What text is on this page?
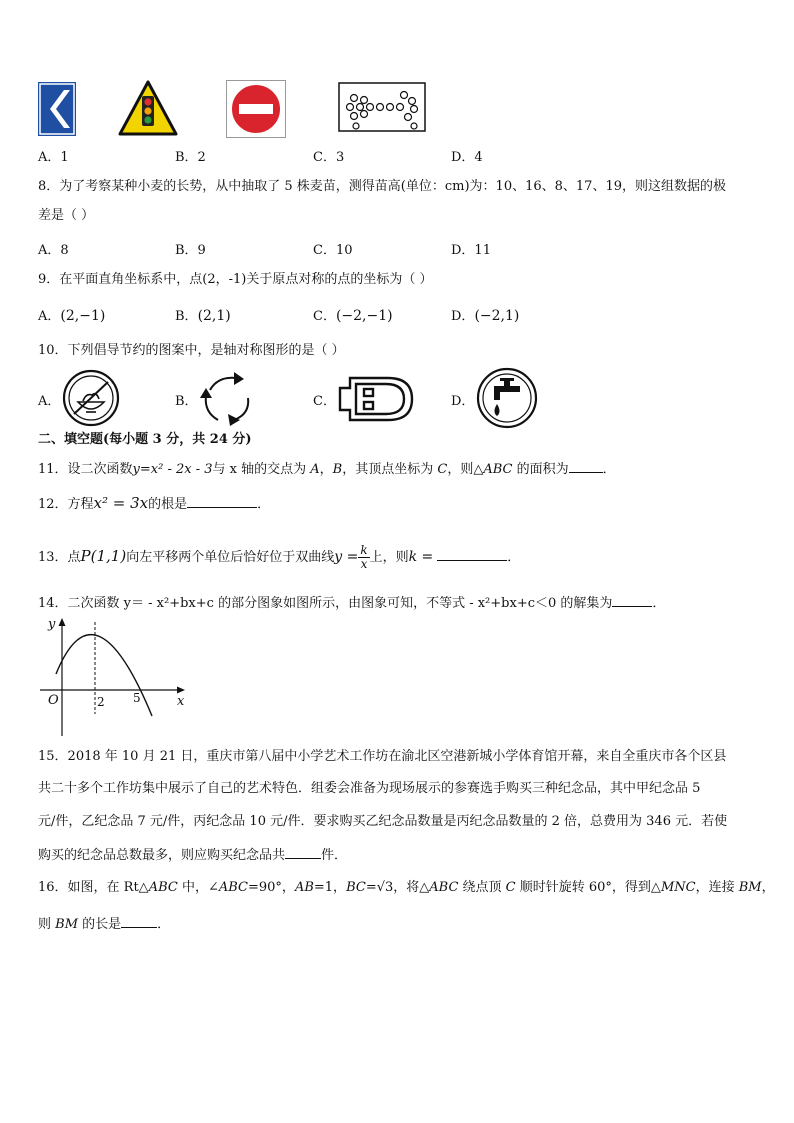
A．1	B．2	C．3	D．4
8．为了考察某种小麦的长势，从中抽取了 5 株麦苗，测得苗高(单位：cm)为：10、16、8、17、19，则这组数据的极
差是（ ）
A．8	B．9	C．10	D．11
9．在平面直角坐标系中，点(2，-1)关于原点对称的点的坐标为（ ）
A．(2,−1)	B．(2,1)	C．(−2,−1)	D．(−2,1)
10．下列倡导节约的图案中，是轴对称图形的是（ ）
A．	B．	C．	D．
二、填空题(每小题 3 分，共 24 分)
11．设二次函数y=x² - 2x - 3与 x 轴的交点为 A，B，其顶点坐标为 C，则△ABC 的面积为	．
12．方程x² = 3x的根是	．
13．点P(1,1)向左平移两个单位后恰好位于双曲线$y = \frac{k}{x}$ 上，则k =	．
14．二次函数 y＝ - x²+bx+c 的部分图象如图所示，由图象可知，不等式 - x²+bx+c＜0 的解集为	．
y
x
O	2 5
15．2018 年 10 月 21 日，重庆市第八届中小学艺术工作坊在渝北区空港新城小学体育馆开幕，来自全重庆市各个区县
共二十多个工作坊集中展示了自己的艺术特色．组委会准备为现场展示的参赛选手购买三种纪念品，其中甲纪念品 5
元/件，乙纪念品 7 元/件，丙纪念品 10 元/件．要求购买乙纪念品数量是丙纪念品数量的 2 倍，总费用为 346 元．若使
购买的纪念品总数最多，则应购买纪念品共	件．
16．如图，在 Rt△ABC 中，∠ABC=90°，AB=1，BC=√3，将△ABC 绕点顶 C 顺时针旋转 60°，得到△MNC，连接 BM，
则 BM 的长是	．
